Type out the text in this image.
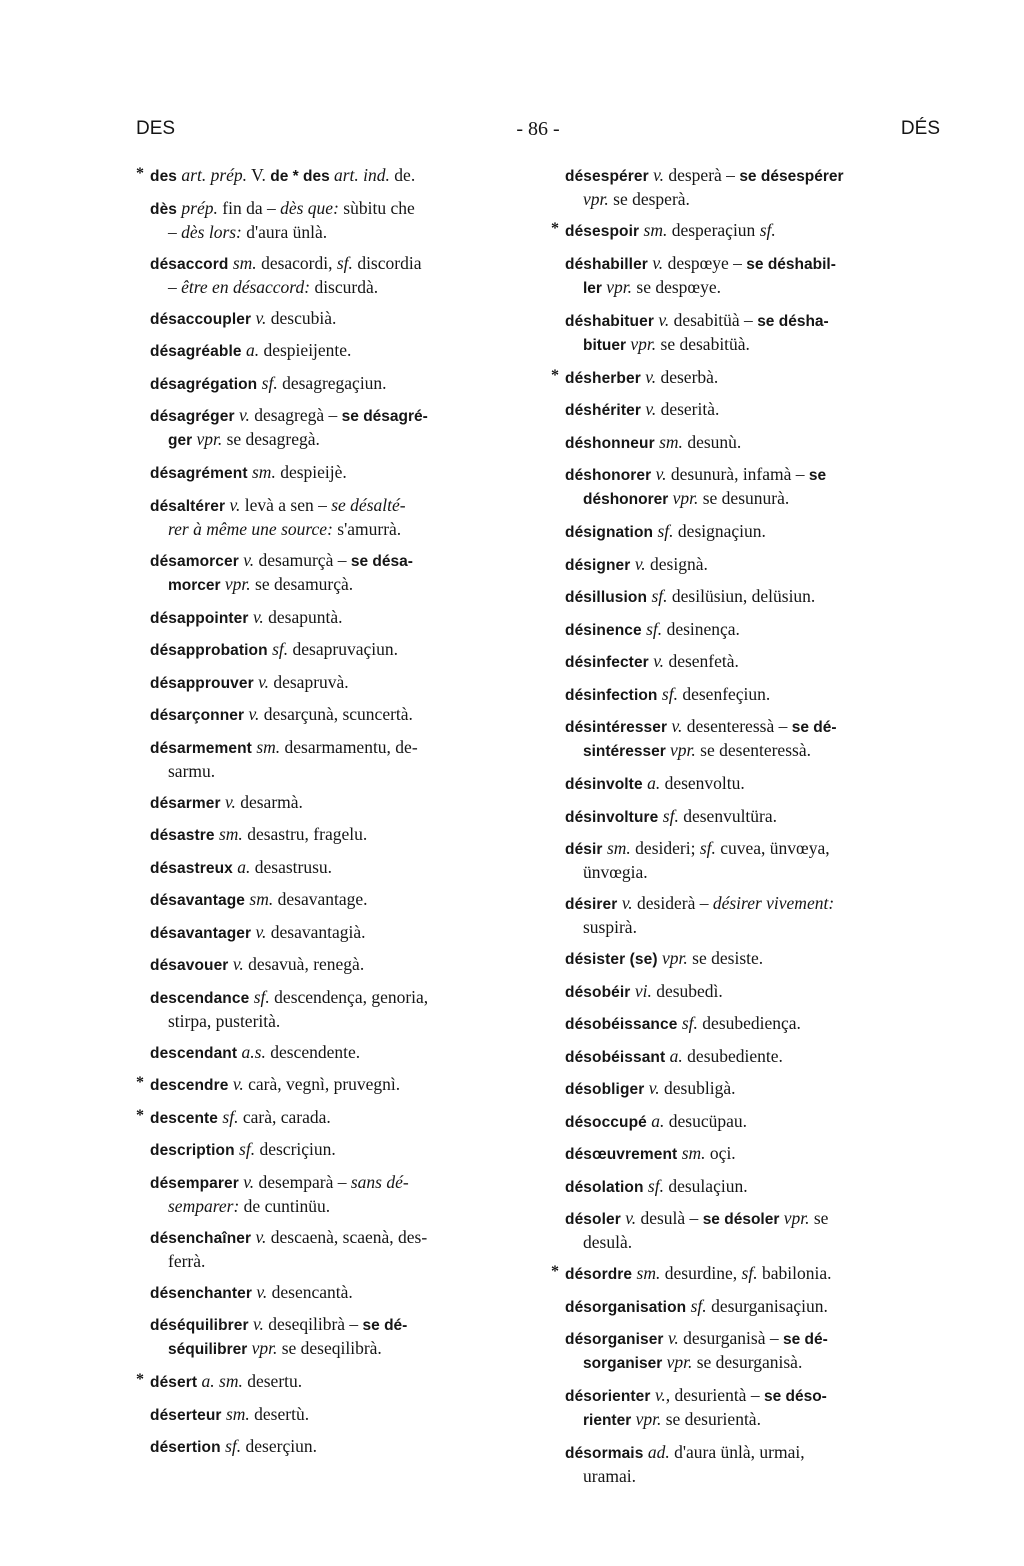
DES	- 86 -	DÉS
* des art. prép. V. de * des art. ind. de.
dès prép. fin da – dès que: sùbitu che

– dès lors: d'aura ünlà.
désaccord sm. desacordi, sf. discordia

– être en désaccord: discurdà.
désaccoupler v. descubià.
désagréable a. despieijente.
désagrégation sf. desagregaçiun.
désagréger v. desagregà – se désagré-

ger vpr. se desagregà.
désagrément sm. despieijè.
désaltérer v. levà a sen – se désalté-

rer à même une source: s'amurrà.
désamorcer v. desamurçà – se désa-

morcer vpr. se desamurçà.
désappointer v. desapuntà.
désapprobation sf. desapruvaçiun.
désapprouver v. desapruvà.
désarçonner v. desarçunà, scuncertà.
désarmement sm. desarmamentu, de-

sarmu.
désarmer v. desarmà.
désastre sm. desastru, fragelu.
désastreux a. desastrusu.
désavantage sm. desavantage.
désavantager v. desavantagià.
désavouer v. desavuà, renegà.
descendance sf. descendença, genoria,

stirpa, pusterità.
descendant a.s. descendente.
* descendre v. carà, vegnì, pruvegnì.
* descente sf. carà, carada.
description sf. descriçiun.
désemparer v. desemparà – sans dé-

semparer: de cuntinüu.
désenchaîner v. descaenà, scaenà, des-

ferrà.
désenchanter v. desencantà.
déséquilibrer v. deseqilibrà – se dé-

séquilibrer vpr. se deseqilibrà.
* désert a. sm. desertu.
déserteur sm. desertù.
désertion sf. deserçiun.
désespérer v. desperà – se désespérer

vpr. se desperà.
* désespoir sm. desperaçiun sf.
déshabiller v. despœye – se déshabil-

ler vpr. se despœye.
déshabituer v. desabitüà – se désha-

bituer vpr. se desabitüà.
* désherber v. deserbà.
déshériter v. deserità.
déshonneur sm. desunù.
déshonorer v. desunurà, infamà – se

déshonorer vpr. se desunurà.
désignation sf. designaçiun.
désigner v. designà.
désillusion sf. desilüsiun, delüsiun.
désinence sf. desinença.
désinfecter v. desenfetà.
désinfection sf. desenfeçiun.
désintéresser v. desenteressà – se dé-

sintéresser vpr. se desenteressà.
désinvolte a. desenvoltu.
désinvolture sf. desenvultüra.
désir sm. desideri; sf. cuvea, ünvœya,

ünvœgia.
désirer v. desiderà – désirer vivement:

suspirà.
désister (se) vpr. se desiste.
désobéir vi. desubedì.
désobéissance sf. desubediença.
désobéissant a. desubediente.
désobliger v. desubligà.
désoccupé a. desucüpau.
désœuvrement sm. oçi.
désolation sf. desulaçiun.
désoler v. desulà – se désoler vpr. se

desulà.
* désordre sm. desurdine, sf. babilonia.
désorganisation sf. desurganisaçiun.
désorganiser v. desurganisà – se dé-

sorganiser vpr. se desurganisà.
désorienter v., desurientà – se déso-

rienter vpr. se desurientà.
désormais ad. d'aura ünlà, urmai,

uramai.
